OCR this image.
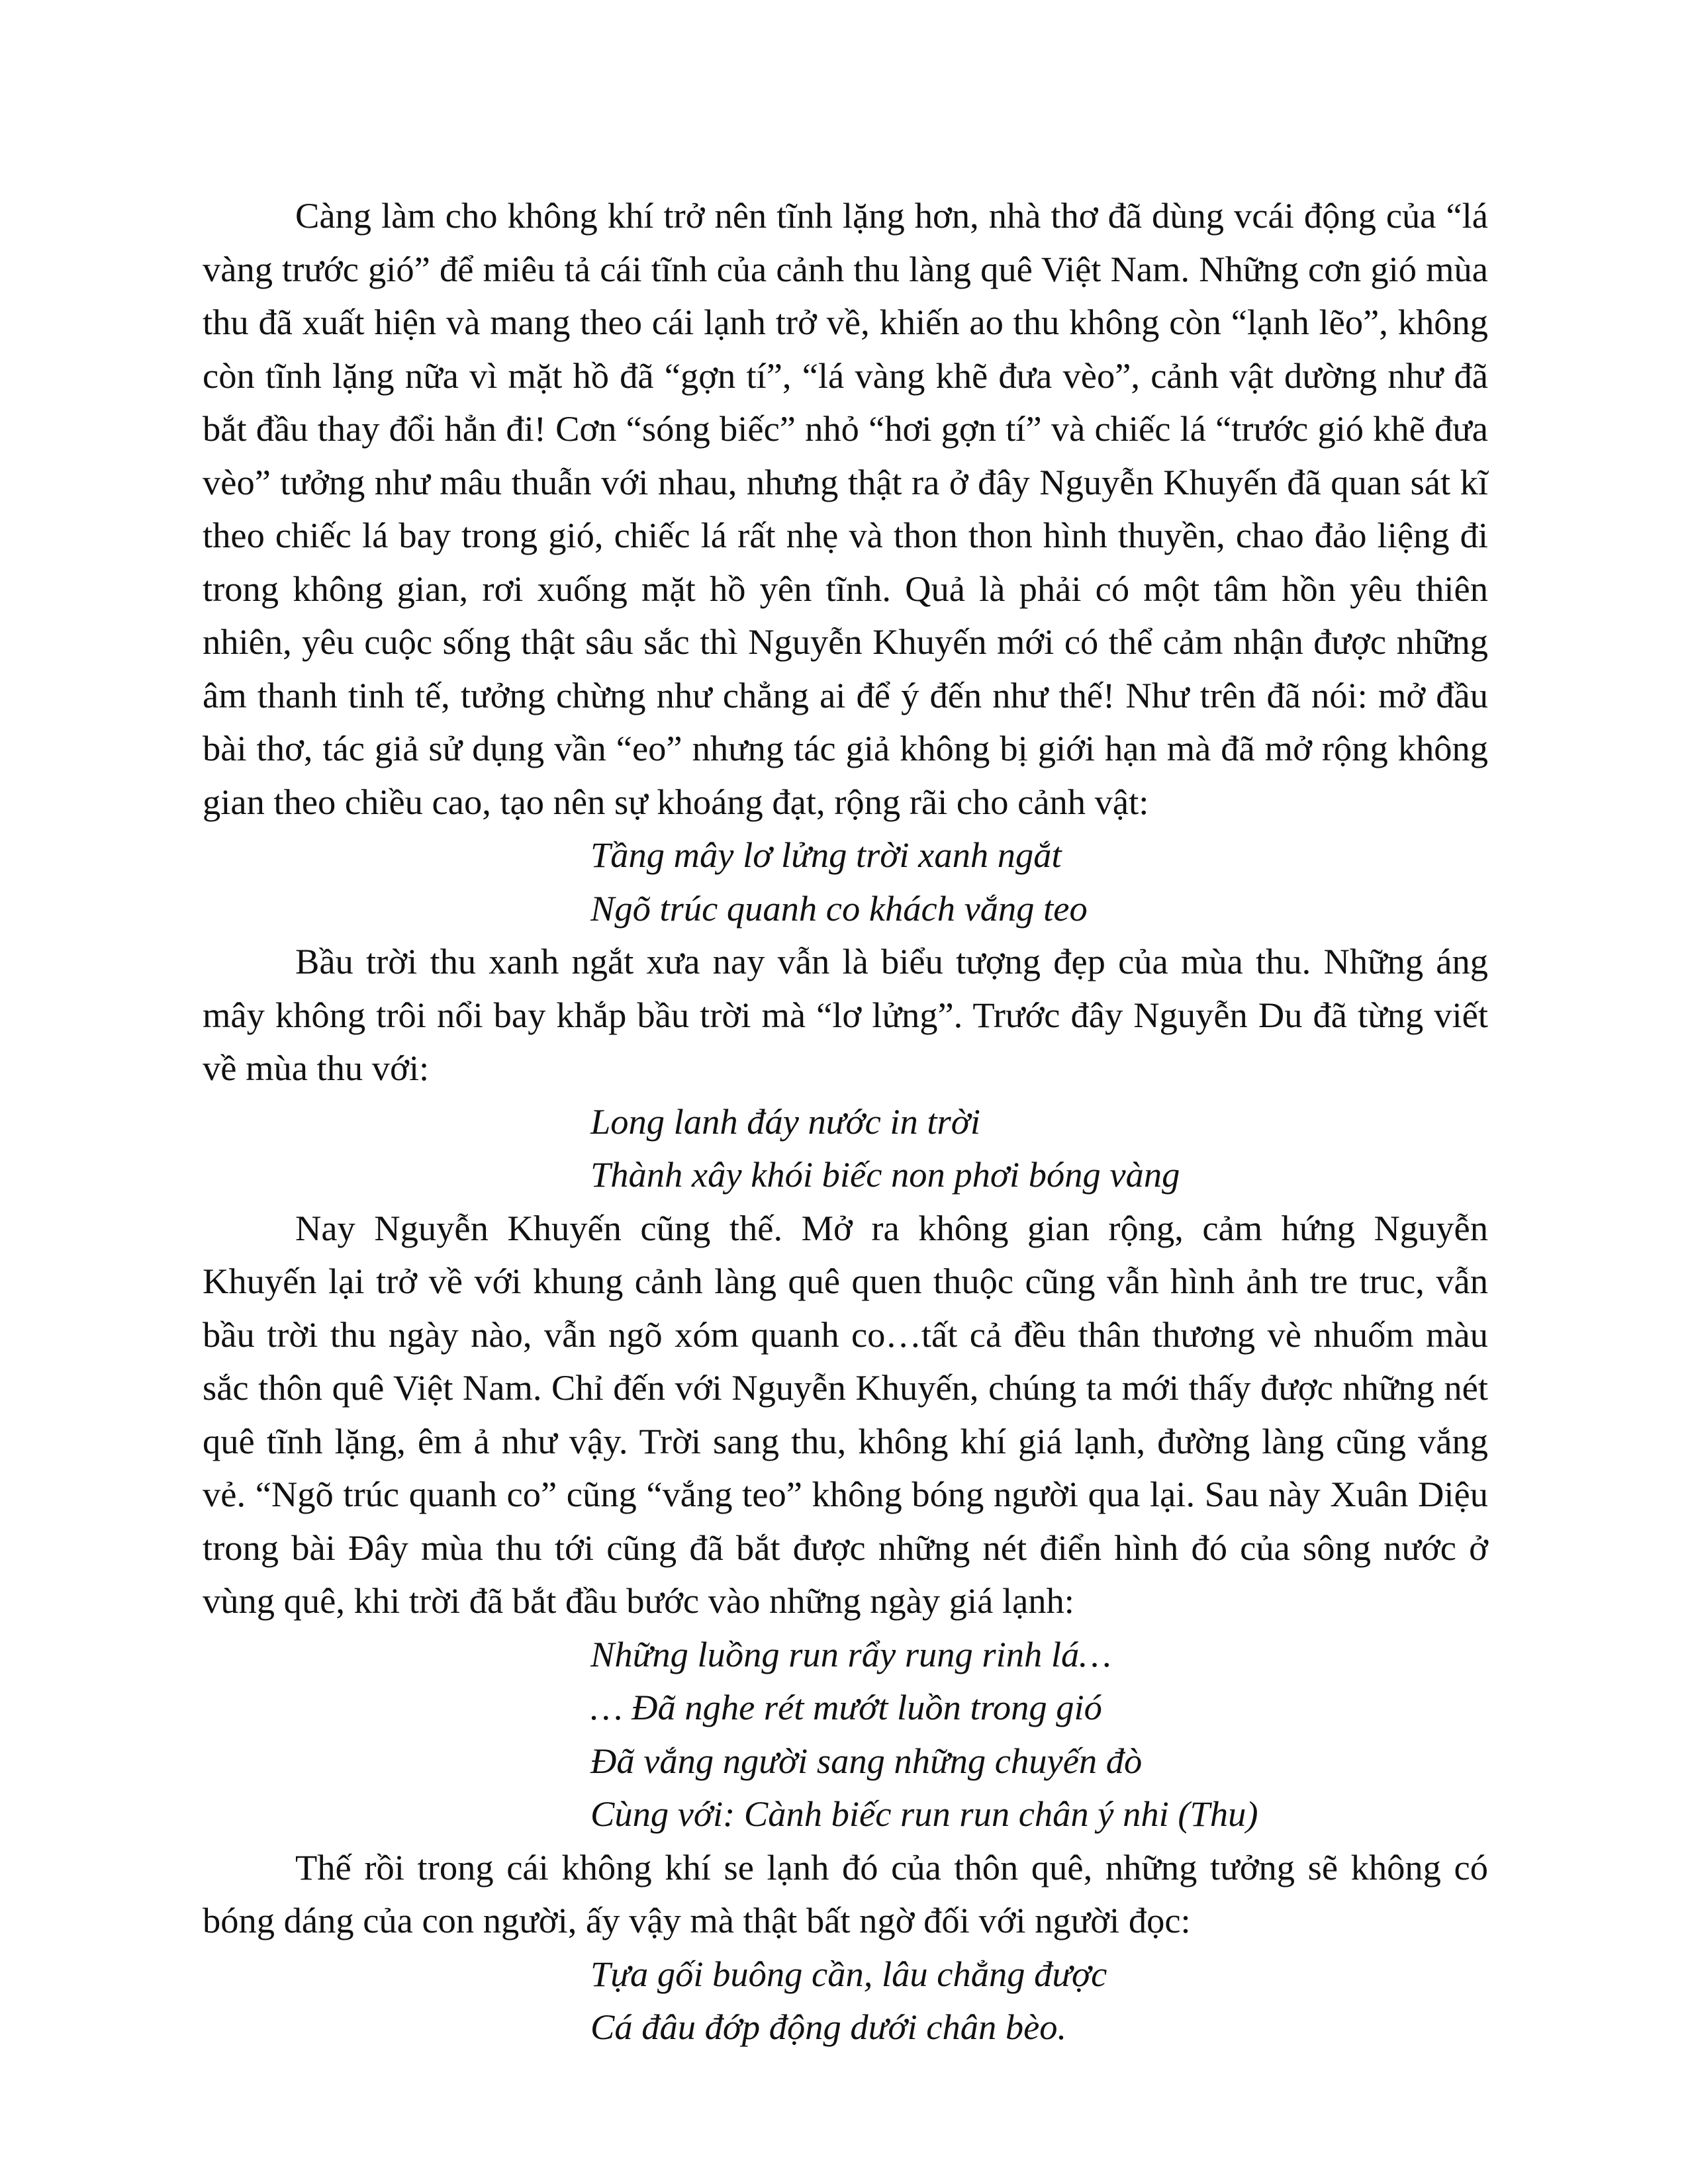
Càng làm cho không khí trở nên tĩnh lặng hơn, nhà thơ đã dùng vcái động của “lá vàng trước gió” để miêu tả cái tĩnh của cảnh thu làng quê Việt Nam. Những cơn gió mùa thu đã xuất hiện và mang theo cái lạnh trở về, khiến ao thu không còn “lạnh lẽo”, không còn tĩnh lặng nữa vì mặt hồ đã “gợn tí”, “lá vàng khẽ đưa vèo”, cảnh vật dường như đã bắt đầu thay đổi hẳn đi! Cơn “sóng biếc” nhỏ “hơi gợn tí” và chiếc lá “trước gió khẽ đưa vèo” tưởng như mâu thuẫn với nhau, nhưng thật ra ở đây Nguyễn Khuyến đã quan sát kĩ theo chiếc lá bay trong gió, chiếc lá rất nhẹ và thon thon hình thuyền, chao đảo liệng đi trong không gian, rơi xuống mặt hồ yên tĩnh. Quả là phải có một tâm hồn yêu thiên nhiên, yêu cuộc sống thật sâu sắc thì Nguyễn Khuyến mới có thể cảm nhận được những âm thanh tinh tế, tưởng chừng như chẳng ai để ý đến như thế! Như trên đã nói: mở đầu bài thơ, tác giả sử dụng vần “eo” nhưng tác giả không bị giới hạn mà đã mở rộng không gian theo chiều cao, tạo nên sự khoáng đạt, rộng rãi cho cảnh vật:

Tầng mây lơ lửng trời xanh ngắt
Ngõ trúc quanh co khách vắng teo

Bầu trời thu xanh ngắt xưa nay vẫn là biểu tượng đẹp của mùa thu. Những áng mây không trôi nổi bay khắp bầu trời mà “lơ lửng”. Trước đây Nguyễn Du đã từng viết về mùa thu với:

Long lanh đáy nước in trời
Thành xây khói biếc non phơi bóng vàng

Nay Nguyễn Khuyến cũng thế. Mở ra không gian rộng, cảm hứng Nguyễn Khuyến lại trở về với khung cảnh làng quê quen thuộc cũng vẫn hình ảnh tre truc, vẫn bầu trời thu ngày nào, vẫn ngõ xóm quanh co…tất cả đều thân thương vè nhuốm màu sắc thôn quê Việt Nam. Chỉ đến với Nguyễn Khuyến, chúng ta mới thấy được những nét quê tĩnh lặng, êm ả như vậy. Trời sang thu, không khí giá lạnh, đường làng cũng vắng vẻ. “Ngõ trúc quanh co” cũng “vắng teo” không bóng người qua lại. Sau này Xuân Diệu trong bài Đây mùa thu tới cũng đã bắt được những nét điển hình đó của sông nước ở vùng quê, khi trời đã bắt đầu bước vào những ngày giá lạnh:

Những luồng run rẩy rung rinh lá…
… Đã nghe rét mướt luồn trong gió
Đã vắng người sang những chuyến đò
Cùng với: Cành biếc run run chân ý nhi (Thu)

Thế rồi trong cái không khí se lạnh đó của thôn quê, những tưởng sẽ không có bóng dáng của con người, ấy vậy mà thật bất ngờ đối với người đọc:

Tựa gối buông cần, lâu chẳng được
Cá đâu đớp động dưới chân bèo.
